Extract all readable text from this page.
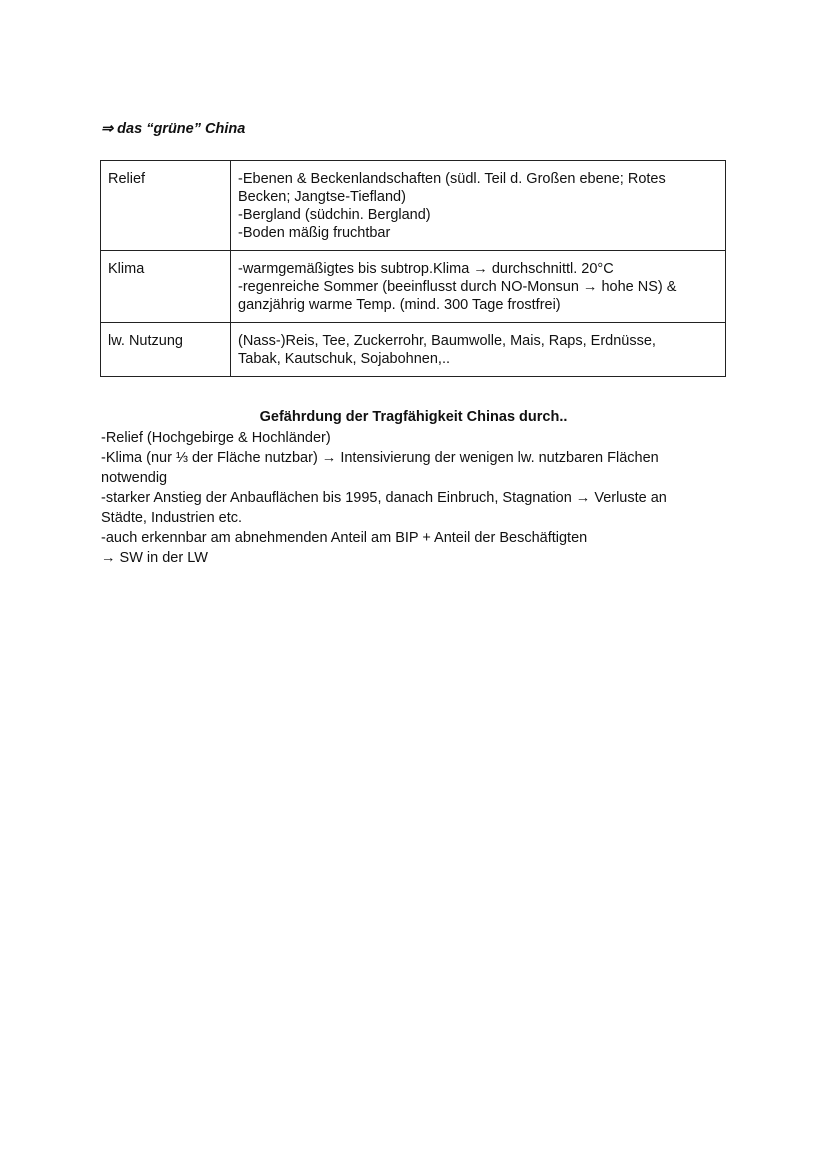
⇒ das “grüne” China
Relief	-Ebenen & Beckenlandschaften (südl. Teil d. Großen ebene; Rotes
Becken; Jangtse-Tiefland)
-Bergland (südchin. Bergland)
-Boden mäßig fruchtbar

Klima	-warmgemäßigtes bis subtrop.Klima → durchschnittl. 20°C
-regenreiche Sommer (beeinflusst durch NO-Monsun → hohe NS) &
ganzjährig warme Temp. (mind. 300 Tage frostfrei)

lw. Nutzung	(Nass-)Reis, Tee, Zuckerrohr, Baumwolle, Mais, Raps, Erdnüsse,
Tabak, Kautschuk, Sojabohnen,..
Gefährdung der Tragfähigkeit Chinas durch..

-Relief (Hochgebirge & Hochländer)

-Klima (nur ⅓ der Fläche nutzbar) → Intensivierung der wenigen lw. nutzbaren Flächen

notwendig

-starker Anstieg der Anbauflächen bis 1995, danach Einbruch, Stagnation → Verluste an

Städte, Industrien etc.

-auch erkennbar am abnehmenden Anteil am BIP + Anteil der Beschäftigten

→ SW in der LW
